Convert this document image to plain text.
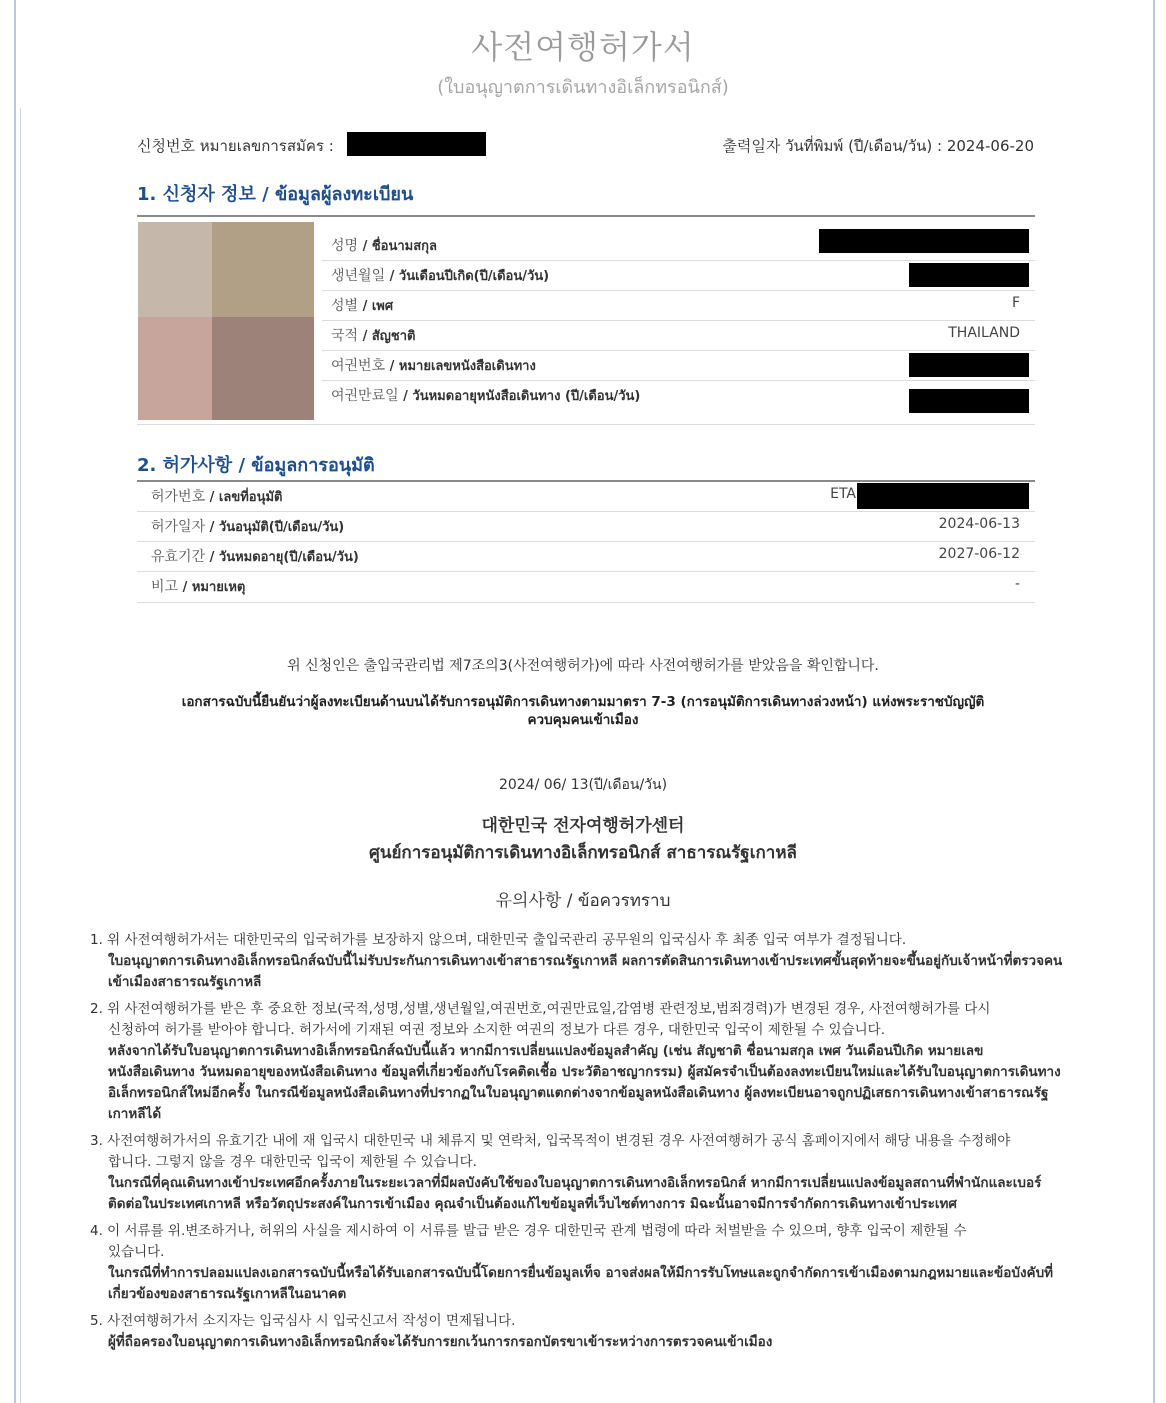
사전여행허가서
(ใบอนุญาตการเดินทางอิเล็กทรอนิกส์)
신청번호 หมายเลขการสมัคร :	출력일자 วันที่พิมพ์ (ปี/เดือน/วัน) : 2024-06-20
1. 신청자 정보 / ข้อมูลผู้ลงทะเบียน
성명 / ชื่อนามสกุล
생년월일 / วันเดือนปีเกิด(ปี/เดือน/วัน)
성별 / เพศ	F
국적 / สัญชาติ	THAILAND
여권번호 / หมายเลขหนังสือเดินทาง
여권만료일 / วันหมดอายุหนังสือเดินทาง (ปี/เดือน/วัน)
2. 허가사항 / ข้อมูลการอนุมัติ
허가번호 / เลขที่อนุมัติ	ETA
허가일자 / วันอนุมัติ(ปี/เดือน/วัน)	2024-06-13
유효기간 / วันหมดอายุ(ปี/เดือน/วัน)	2027-06-12
비고 / หมายเหตุ	-
위 신청인은 출입국관리법 제7조의3(사전여행허가)에 따라 사전여행허가를 받았음을 확인합니다.
เอกสารฉบับนี้ยืนยันว่าผู้ลงทะเบียนด้านบนได้รับการอนุมัติการเดินทางตามมาตรา 7-3 (การอนุมัติการเดินทางล่วงหน้า) แห่งพระราชบัญญัติ
ควบคุมคนเข้าเมือง
2024/ 06/ 13(ปี/เดือน/วัน)
대한민국 전자여행허가센터
ศูนย์การอนุมัติการเดินทางอิเล็กทรอนิกส์ สาธารณรัฐเกาหลี
유의사항 / ข้อควรทราบ
1. 위 사전여행허가서는 대한민국의 입국허가를 보장하지 않으며, 대한민국 출입국관리 공무원의 입국심사 후 최종 입국 여부가 결정됩니다.
ใบอนุญาตการเดินทางอิเล็กทรอนิกส์ฉบับนี้ไม่รับประกันการเดินทางเข้าสาธารณรัฐเกาหลี ผลการตัดสินการเดินทางเข้าประเทศขั้นสุดท้ายจะขึ้นอยู่กับเจ้าหน้าที่ตรวจคนเข้าเมืองสาธารณรัฐเกาหลี
2. 위 사전여행허가를 받은 후 중요한 정보(국적,성명,성별,생년월일,여권번호,여권만료일,감염병 관련정보,범죄경력)가 변경된 경우, 사전여행허가를 다시
신청하여 허가를 받아야 합니다. 허가서에 기재된 여권 정보와 소지한 여권의 정보가 다른 경우, 대한민국 입국이 제한될 수 있습니다.
หลังจากได้รับใบอนุญาตการเดินทางอิเล็กทรอนิกส์ฉบับนี้แล้ว หากมีการเปลี่ยนแปลงข้อมูลสำคัญ (เช่น สัญชาติ ชื่อนามสกุล เพศ วันเดือนปีเกิด หมายเลขหนังสือเดินทาง วันหมดอายุของหนังสือเดินทาง ข้อมูลที่เกี่ยวข้องกับโรคติดเชื้อ ประวัติอาชญากรรม) ผู้สมัครจำเป็นต้องลงทะเบียนใหม่และได้รับใบอนุญาตการเดินทางอิเล็กทรอนิกส์ใหม่อีกครั้ง ในกรณีข้อมูลหนังสือเดินทางที่ปรากฏในใบอนุญาตแตกต่างจากข้อมูลหนังสือเดินทาง ผู้ลงทะเบียนอาจถูกปฏิเสธการเดินทางเข้าสาธารณรัฐเกาหลีได้
3. 사전여행허가서의 유효기간 내에 재 입국시 대한민국 내 체류지 및 연락처, 입국목적이 변경된 경우 사전여행허가 공식 홈페이지에서 해당 내용을 수정해야
합니다. 그렇지 않을 경우 대한민국 입국이 제한될 수 있습니다.
ในกรณีที่คุณเดินทางเข้าประเทศอีกครั้งภายในระยะเวลาที่มีผลบังคับใช้ของใบอนุญาตการเดินทางอิเล็กทรอนิกส์ หากมีการเปลี่ยนแปลงข้อมูลสถานที่พำนักและเบอร์ติดต่อในประเทศเกาหลี หรือวัตถุประสงค์ในการเข้าเมือง คุณจำเป็นต้องแก้ไขข้อมูลที่เว็บไซต์ทางการ มิฉะนั้นอาจมีการจำกัดการเดินทางเข้าประเทศ
4. 이 서류를 위.변조하거나, 허위의 사실을 제시하여 이 서류를 발급 받은 경우 대한민국 관계 법령에 따라 처벌받을 수 있으며, 향후 입국이 제한될 수
있습니다.
ในกรณีที่ทำการปลอมแปลงเอกสารฉบับนี้หรือได้รับเอกสารฉบับนี้โดยการยื่นข้อมูลเท็จ อาจส่งผลให้มีการรับโทษและถูกจำกัดการเข้าเมืองตามกฎหมายและข้อบังคับที่เกี่ยวข้องของสาธารณรัฐเกาหลีในอนาคต
5. 사전여행허가서 소지자는 입국심사 시 입국신고서 작성이 면제됩니다.
ผู้ที่ถือครองใบอนุญาตการเดินทางอิเล็กทรอนิกส์จะได้รับการยกเว้นการกรอกบัตรขาเข้าระหว่างการตรวจคนเข้าเมือง
